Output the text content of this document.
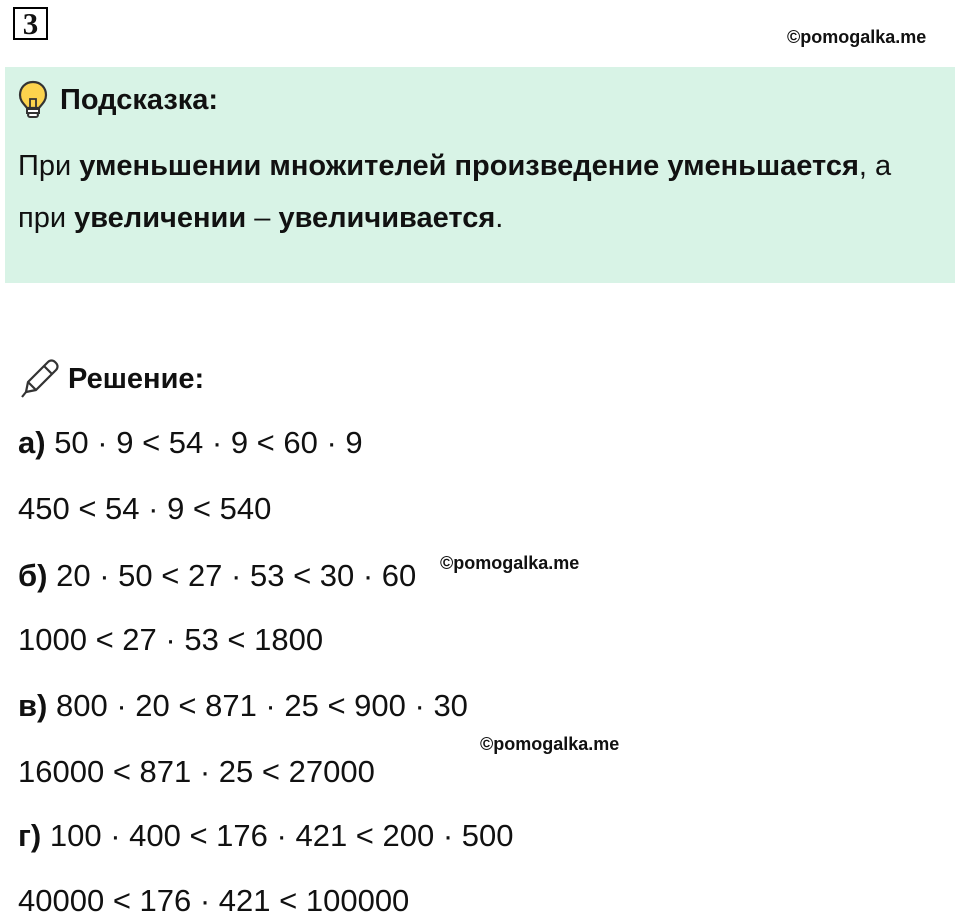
3	©pomogalka.me
Подсказка:
При уменьшении множителей произведение уменьшается, а при увеличении – увеличивается.
Решение:
а) 50 · 9 < 54 · 9 < 60 · 9
450 < 54 · 9 < 540
б) 20 · 50 < 27 · 53 < 30 · 60 ©pomogalka.me
1000 < 27 · 53 < 1800
в) 800 · 20 < 871 · 25 < 900 · 30
©pomogalka.me
16000 < 871 · 25 < 27000
г) 100 · 400 < 176 · 421 < 200 · 500
40000 < 176 · 421 < 100000
